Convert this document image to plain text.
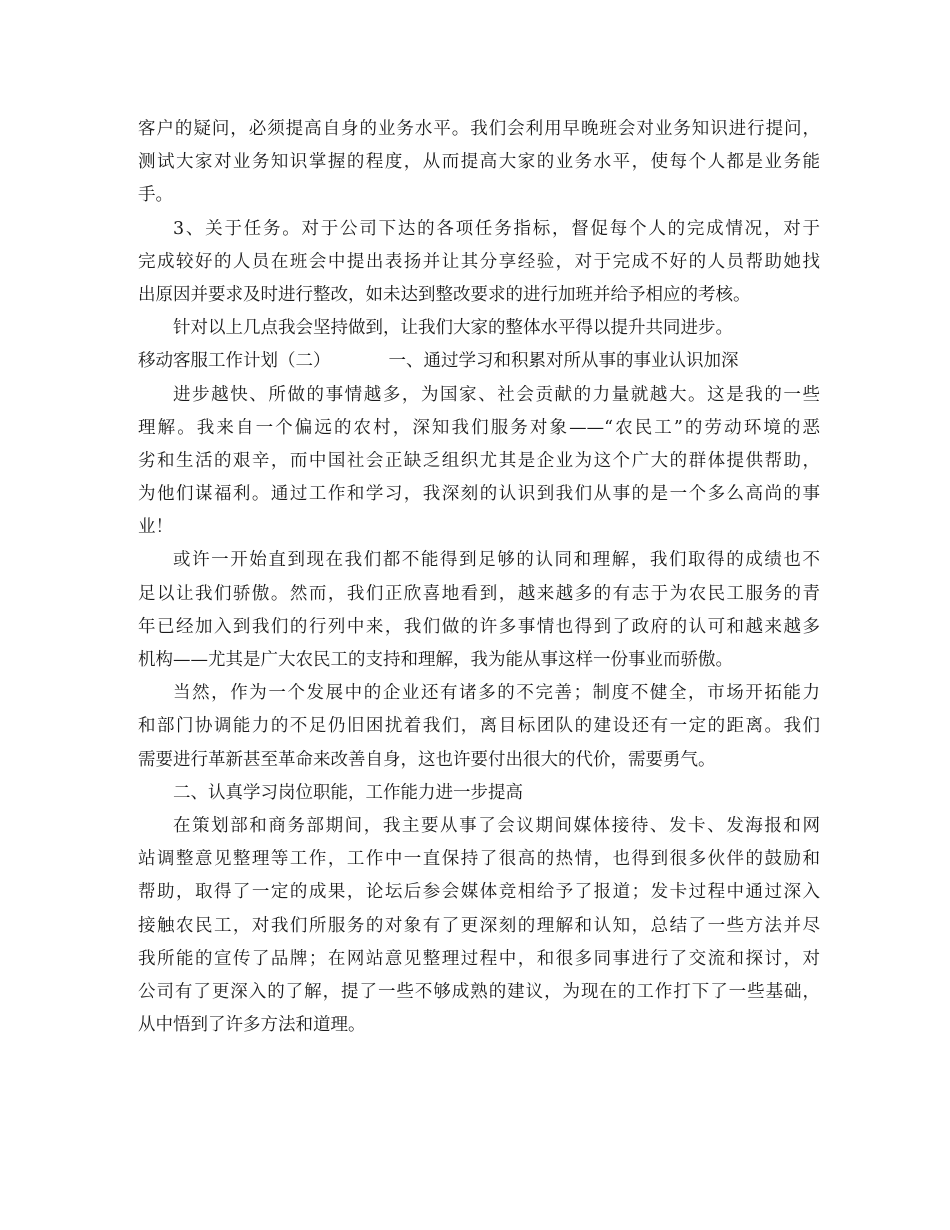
客户的疑问，必须提高自身的业务水平。我们会利用早晚班会对业务知识进行提问，
测试大家对业务知识掌握的程度，从而提高大家的业务水平，使每个人都是业务能
手。
3、关于任务。对于公司下达的各项任务指标，督促每个人的完成情况，对于
完成较好的人员在班会中提出表扬并让其分享经验，对于完成不好的人员帮助她找
出原因并要求及时进行整改，如未达到整改要求的进行加班并给予相应的考核。
针对以上几点我会坚持做到，让我们大家的整体水平得以提升共同进步。
移动客服工作计划（二）	一、通过学习和积累对所从事的事业认识加深
进步越快、所做的事情越多，为国家、社会贡献的力量就越大。这是我的一些
理解。我来自一个偏远的农村，深知我们服务对象——“农民工”的劳动环境的恶
劣和生活的艰辛，而中国社会正缺乏组织尤其是企业为这个广大的群体提供帮助，
为他们谋福利。通过工作和学习，我深刻的认识到我们从事的是一个多么高尚的事
业！
或许一开始直到现在我们都不能得到足够的认同和理解，我们取得的成绩也不
足以让我们骄傲。然而，我们正欣喜地看到，越来越多的有志于为农民工服务的青
年已经加入到我们的行列中来，我们做的许多事情也得到了政府的认可和越来越多
机构——尤其是广大农民工的支持和理解，我为能从事这样一份事业而骄傲。
当然，作为一个发展中的企业还有诸多的不完善；制度不健全，市场开拓能力
和部门协调能力的不足仍旧困扰着我们，离目标团队的建设还有一定的距离。我们
需要进行革新甚至革命来改善自身，这也许要付出很大的代价，需要勇气。
二、认真学习岗位职能，工作能力进一步提高
在策划部和商务部期间，我主要从事了会议期间媒体接待、发卡、发海报和网
站调整意见整理等工作，工作中一直保持了很高的热情，也得到很多伙伴的鼓励和
帮助，取得了一定的成果，论坛后参会媒体竞相给予了报道；发卡过程中通过深入
接触农民工，对我们所服务的对象有了更深刻的理解和认知，总结了一些方法并尽
我所能的宣传了品牌；在网站意见整理过程中，和很多同事进行了交流和探讨，对
公司有了更深入的了解，提了一些不够成熟的建议，为现在的工作打下了一些基础，
从中悟到了许多方法和道理。
